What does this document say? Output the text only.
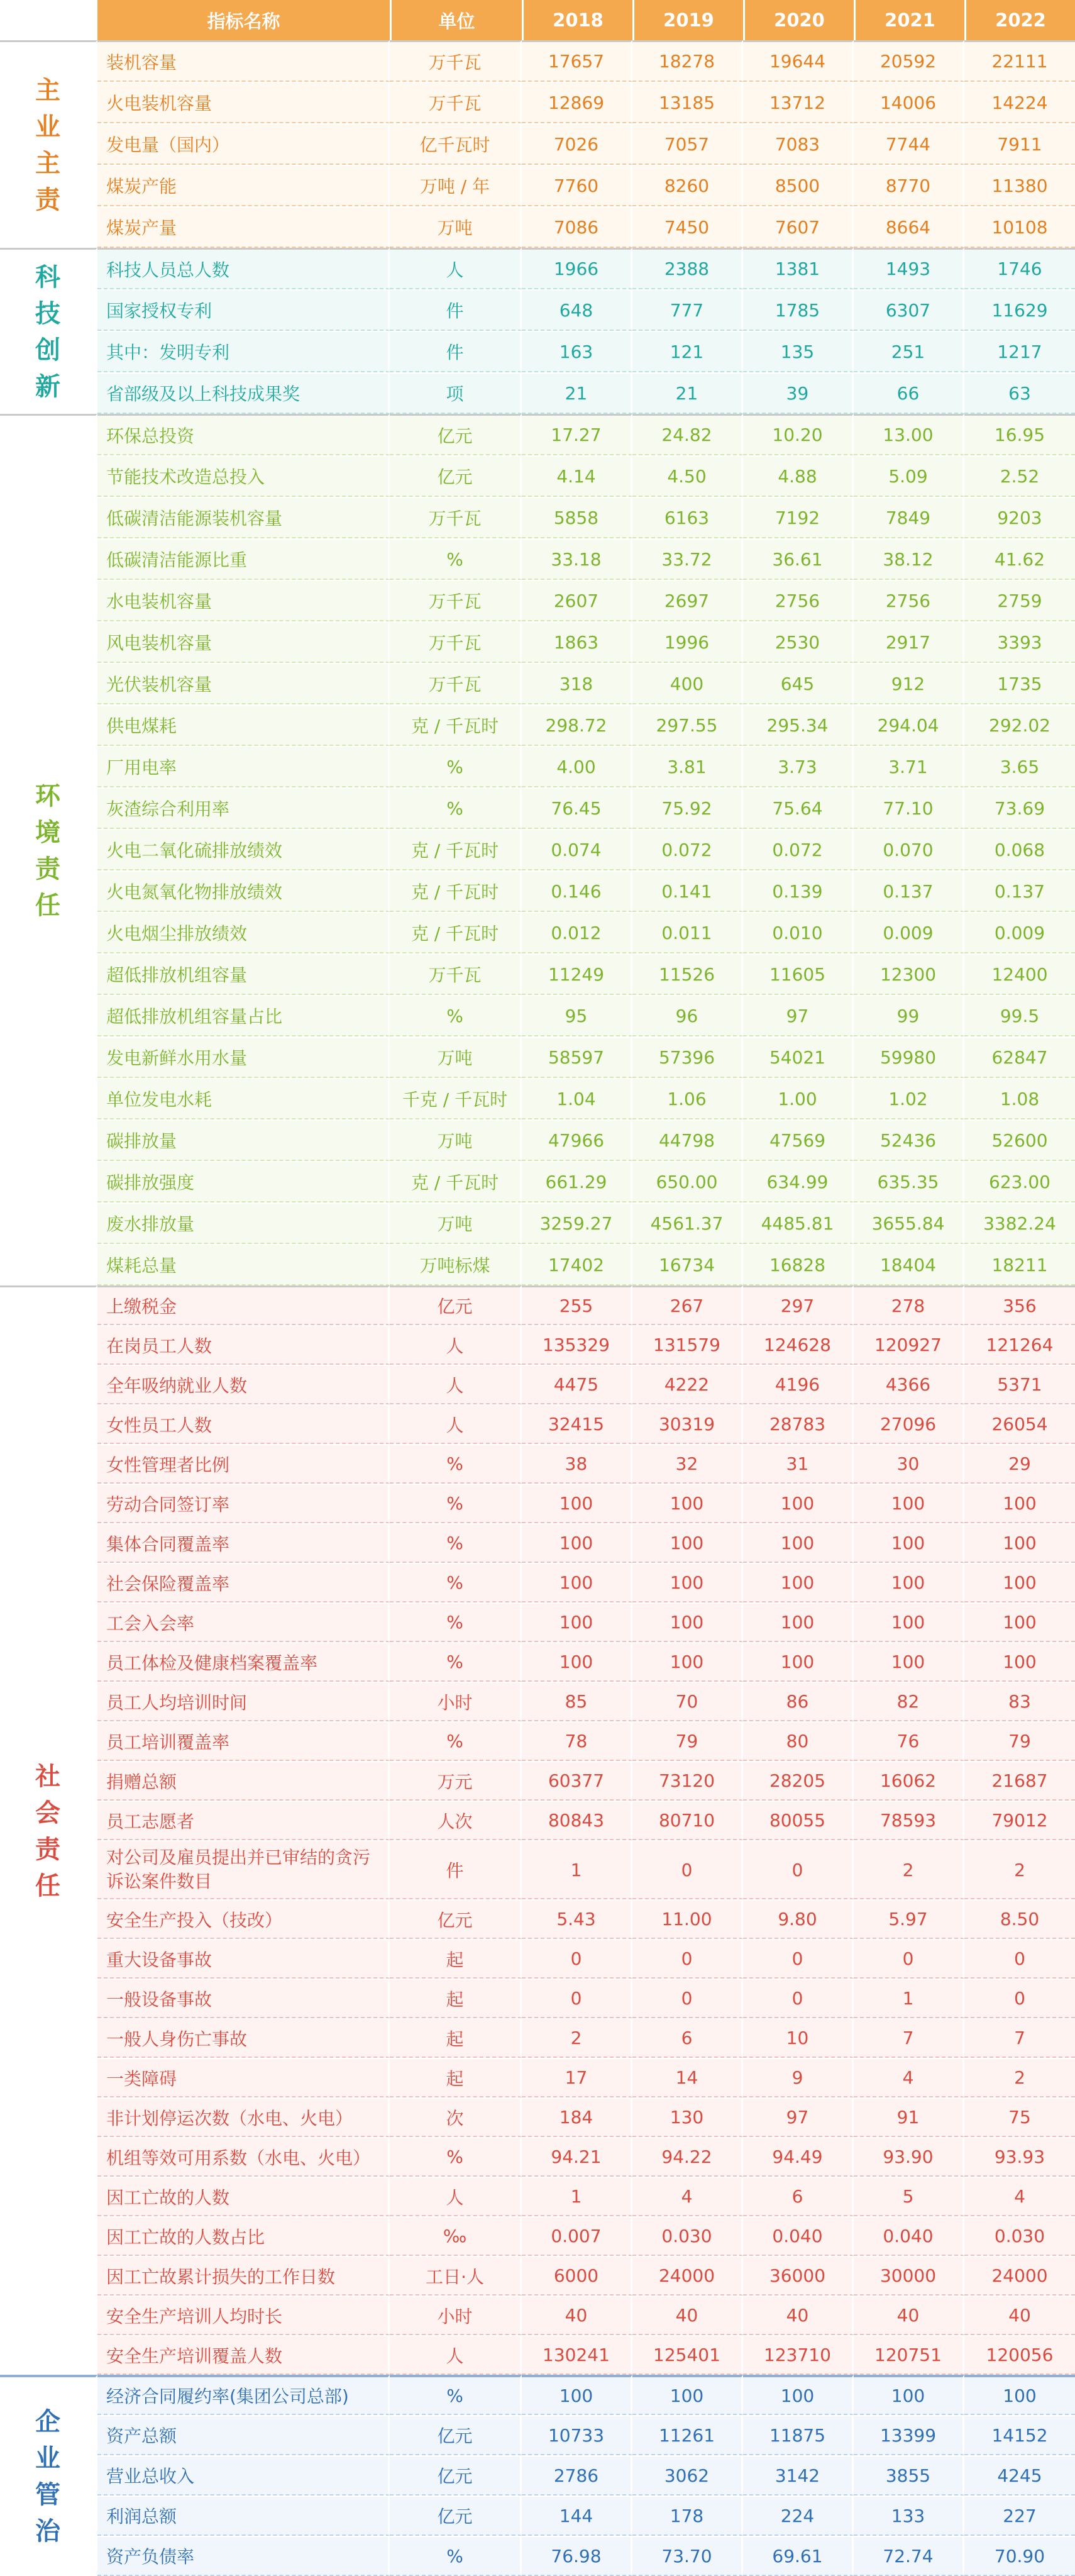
	指标名称	单位	2018	2019	2020	2021	2022
主业主责	装机容量	万千瓦	17657	18278	19644	20592	22111
	火电装机容量	万千瓦	12869	13185	13712	14006	14224
	发电量（国内）	亿千瓦时	7026	7057	7083	7744	7911
	煤炭产能	万吨 / 年	7760	8260	8500	8770	11380
	煤炭产量	万吨	7086	7450	7607	8664	10108
科技创新	科技人员总人数	人	1966	2388	1381	1493	1746
	国家授权专利	件	648	777	1785	6307	11629
	其中：发明专利	件	163	121	135	251	1217
	省部级及以上科技成果奖	项	21	21	39	66	63
环境责任	环保总投资	亿元	17.27	24.82	10.20	13.00	16.95
	节能技术改造总投入	亿元	4.14	4.50	4.88	5.09	2.52
	低碳清洁能源装机容量	万千瓦	5858	6163	7192	7849	9203
	低碳清洁能源比重	%	33.18	33.72	36.61	38.12	41.62
	水电装机容量	万千瓦	2607	2697	2756	2756	2759
	风电装机容量	万千瓦	1863	1996	2530	2917	3393
	光伏装机容量	万千瓦	318	400	645	912	1735
	供电煤耗	克 / 千瓦时	298.72	297.55	295.34	294.04	292.02
	厂用电率	%	4.00	3.81	3.73	3.71	3.65
	灰渣综合利用率	%	76.45	75.92	75.64	77.10	73.69
	火电二氧化硫排放绩效	克 / 千瓦时	0.074	0.072	0.072	0.070	0.068
	火电氮氧化物排放绩效	克 / 千瓦时	0.146	0.141	0.139	0.137	0.137
	火电烟尘排放绩效	克 / 千瓦时	0.012	0.011	0.010	0.009	0.009
	超低排放机组容量	万千瓦	11249	11526	11605	12300	12400
	超低排放机组容量占比	%	95	96	97	99	99.5
	发电新鲜水用水量	万吨	58597	57396	54021	59980	62847
	单位发电水耗	千克 / 千瓦时	1.04	1.06	1.00	1.02	1.08
	碳排放量	万吨	47966	44798	47569	52436	52600
	碳排放强度	克 / 千瓦时	661.29	650.00	634.99	635.35	623.00
	废水排放量	万吨	3259.27	4561.37	4485.81	3655.84	3382.24
	煤耗总量	万吨标煤	17402	16734	16828	18404	18211
社会责任	上缴税金	亿元	255	267	297	278	356
	在岗员工人数	人	135329	131579	124628	120927	121264
	全年吸纳就业人数	人	4475	4222	4196	4366	5371
	女性员工人数	人	32415	30319	28783	27096	26054
	女性管理者比例	%	38	32	31	30	29
	劳动合同签订率	%	100	100	100	100	100
	集体合同覆盖率	%	100	100	100	100	100
	社会保险覆盖率	%	100	100	100	100	100
	工会入会率	%	100	100	100	100	100
	员工体检及健康档案覆盖率	%	100	100	100	100	100
	员工人均培训时间	小时	85	70	86	82	83
	员工培训覆盖率	%	78	79	80	76	79
	捐赠总额	万元	60377	73120	28205	16062	21687
	员工志愿者	人次	80843	80710	80055	78593	79012

	对公司及雇员提出并已审结的贪污诉讼案件数目	件	1	0	0	2	2
	安全生产投入（技改）	亿元	5.43	11.00	9.80	5.97	8.50
	重大设备事故	起	0	0	0	0	0
	一般设备事故	起	0	0	0	1	0
	一般人身伤亡事故	起	2	6	10	7	7
	一类障碍	起	17	14	9	4	2
	非计划停运次数（水电、火电）	次	184	130	97	91	75
	机组等效可用系数（水电、火电）	%	94.21	94.22	94.49	93.90	93.93
	因工亡故的人数	人	1	4	6	5	4
	因工亡故的人数占比	‰	0.007	0.030	0.040	0.040	0.030
	因工亡故累计损失的工作日数	工日·人	6000	24000	36000	30000	24000
	安全生产培训人均时长	小时	40	40	40	40	40
	安全生产培训覆盖人数	人	130241	125401	123710	120751	120056
企业管治	经济合同履约率(集团公司总部)	%	100	100	100	100	100
	资产总额	亿元	10733	11261	11875	13399	14152
	营业总收入	亿元	2786	3062	3142	3855	4245
	利润总额	亿元	144	178	224	133	227
	资产负债率	%	76.98	73.70	69.61	72.74	70.90
